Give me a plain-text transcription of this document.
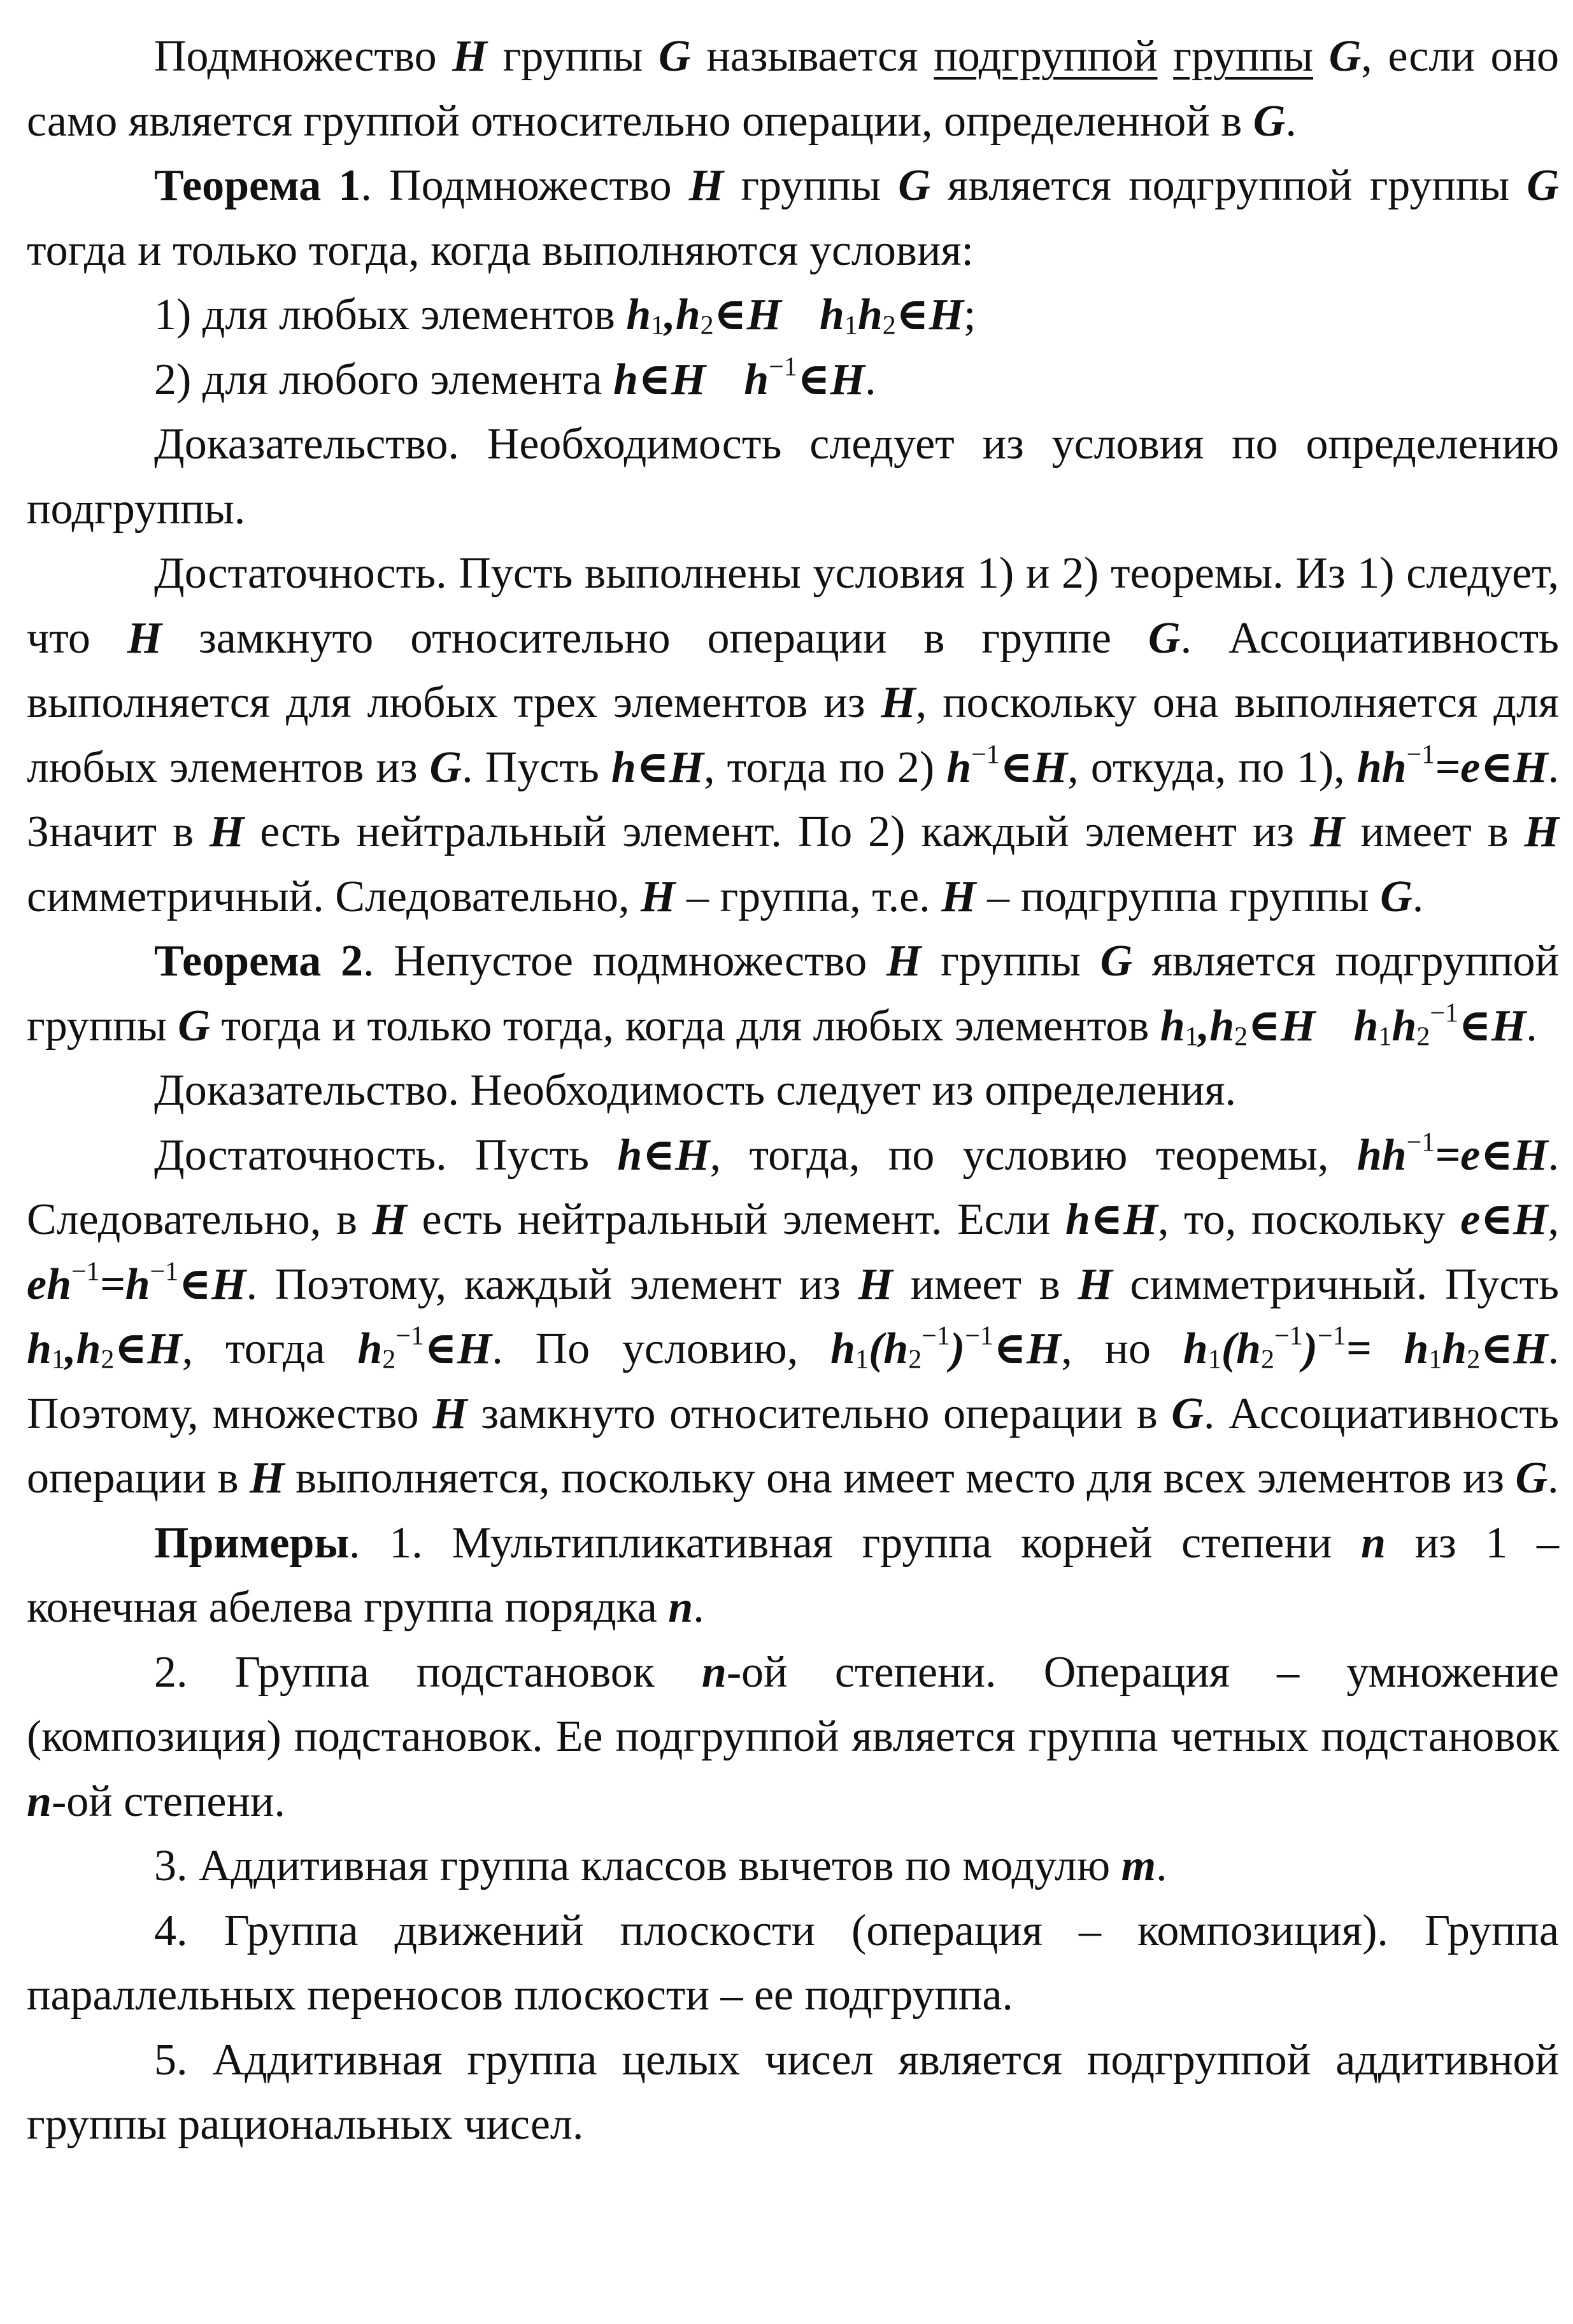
Подмножество H группы G называется подгруппой группы G, если оно само является группой относительно операции, определенной в G.

Теорема 1. Подмножество H группы G является подгруппой группы G тогда и только тогда, когда выполняются условия:

1) для любых элементов $h_1,h_2\in H$ $h_1h_2\in H$;

2) для любого элемента h∈H $h^{-1}\in H$.

Доказательство. Необходимость следует из условия по определению подгруппы.

Достаточность. Пусть выполнены условия 1) и 2) теоремы. Из 1) следует, что H замкнуто относительно операции в группе G. Ассоциативность выполняется для любых трех элементов из H, поскольку она выполняется для любых элементов из G. Пусть h∈H, тогда по 2) $h^{-1}\in H$, откуда, по 1), $hh^{-1}=e\in H$. Значит в H есть нейтральный элемент. По 2) каждый элемент из H имеет в H симметричный. Следовательно, H – группа, т.е. H – подгруппа группы G.

Теорема 2. Непустое подмножество H группы G является подгруппой группы G тогда и только тогда, когда для любых элементов $h_1,h_2\in H$ $h_1h_2^{-1}\in H$.

Доказательство. Необходимость следует из определения.

Достаточность. Пусть h∈H, тогда, по условию теоремы, $hh^{-1}=e\in H$. Следовательно, в H есть нейтральный элемент. Если h∈H, то, поскольку e∈H, $eh^{-1}=h^{-1}\in H$. Поэтому, каждый элемент из H имеет в H симметричный. Пусть $h_1,h_2\in H$, тогда $h_2^{-1}\in H$. По условию, $h_1(h_2^{-1})^{-1}\in H$, но $h_1(h_2^{-1})^{-1}=$ $h_1h_2\in H$. Поэтому, множество H замкнуто относительно операции в G. Ассоциативность операции в H выполняется, поскольку она имеет место для всех элементов из G.

Примеры. 1. Мультипликативная группа корней степени n из 1 – конечная абелева группа порядка n.

2. Группа подстановок n-ой степени. Операция – умножение (композиция) подстановок. Ее подгруппой является группа четных подстановок n-ой степени.

3. Аддитивная группа классов вычетов по модулю m.

4. Группа движений плоскости (операция – композиция). Группа параллельных переносов плоскости – ее подгруппа.

5. Аддитивная группа целых чисел является подгруппой аддитивной группы рациональных чисел.
